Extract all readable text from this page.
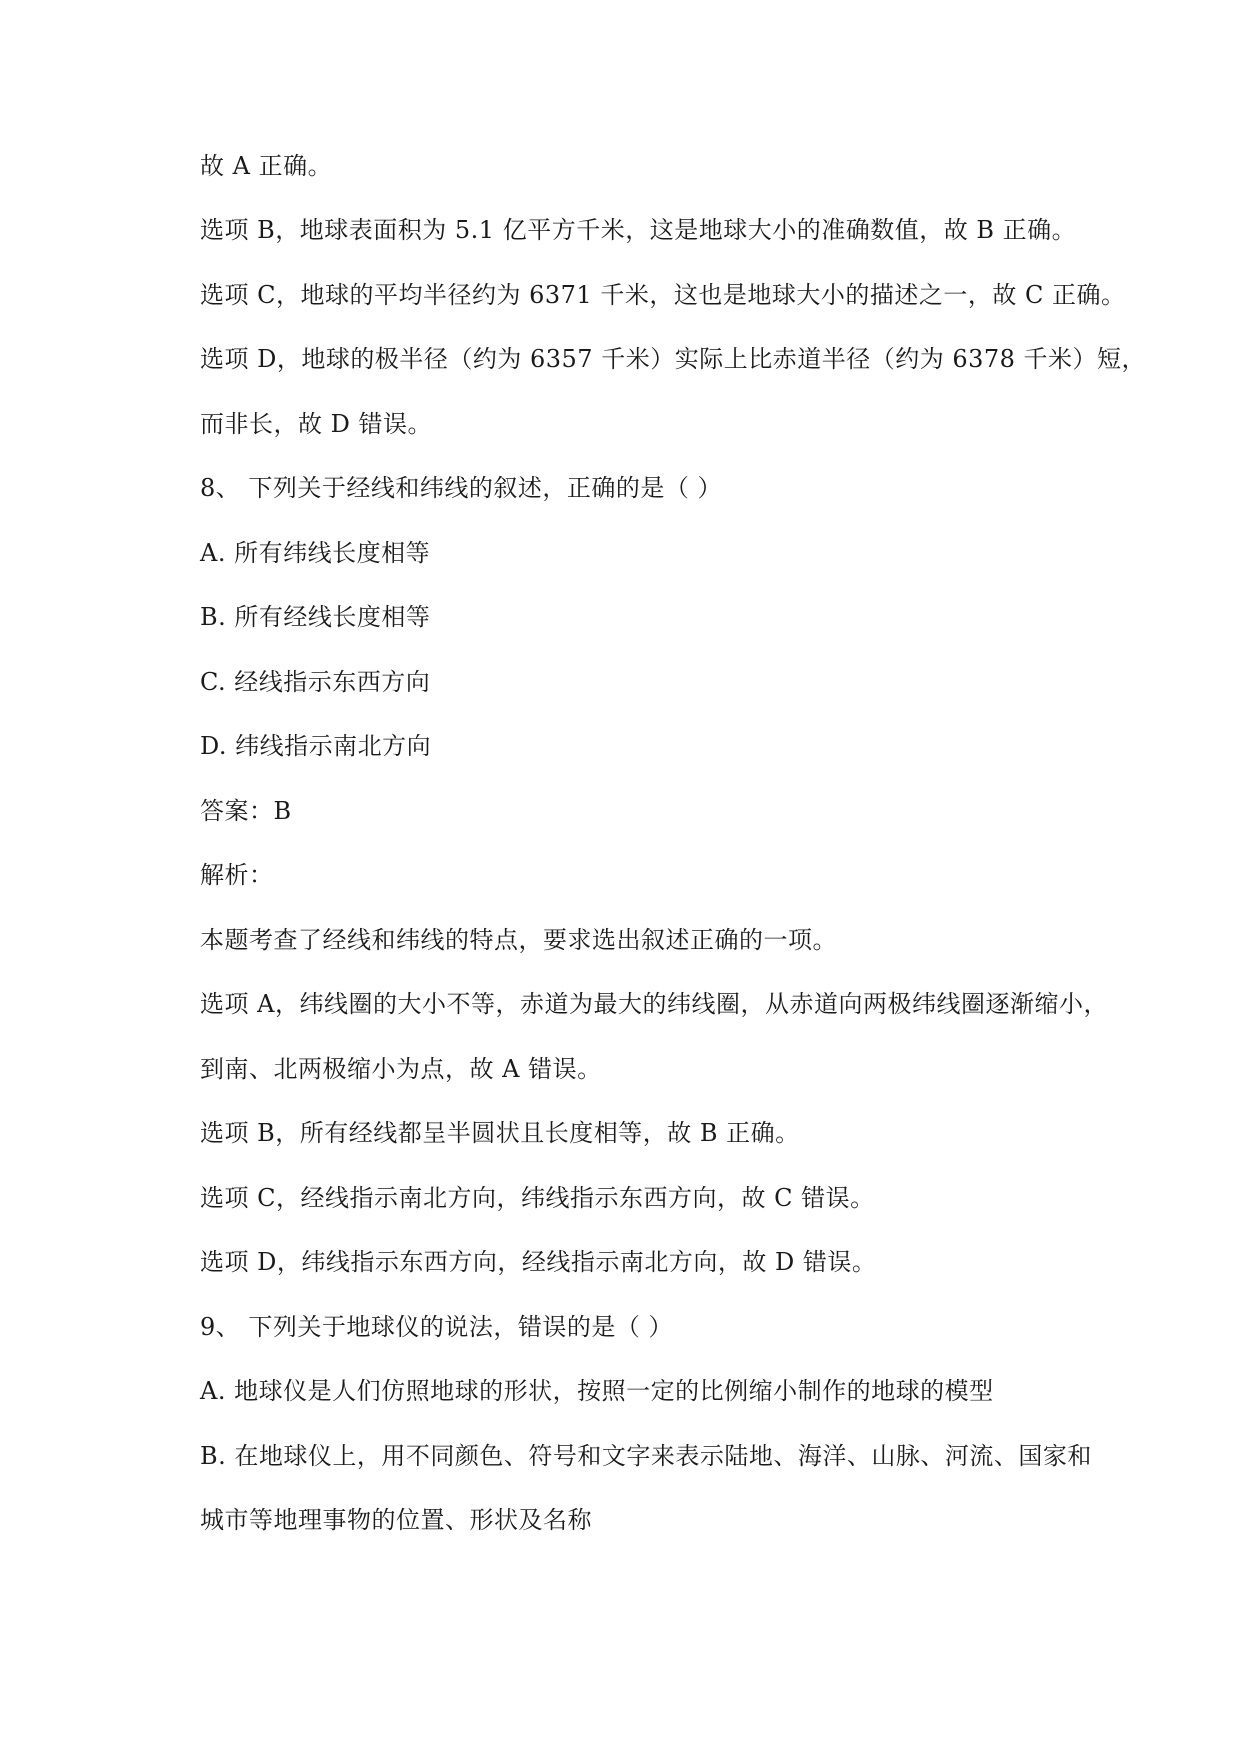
故 A 正确。
选项 B，地球表面积为 5.1 亿平方千米，这是地球大小的准确数值，故 B 正确。
选项 C，地球的平均半径约为 6371 千米，这也是地球大小的描述之一，故 C 正确。
选项 D，地球的极半径（约为 6357 千米）实际上比赤道半径（约为 6378 千米）短，
而非长，故 D 错误。
8、 下列关于经线和纬线的叙述，正确的是（ ）
A. 所有纬线长度相等
B. 所有经线长度相等
C. 经线指示东西方向
D. 纬线指示南北方向
答案：B
解析：
本题考查了经线和纬线的特点，要求选出叙述正确的一项。
选项 A，纬线圈的大小不等，赤道为最大的纬线圈，从赤道向两极纬线圈逐渐缩小，
到南、北两极缩小为点，故 A 错误。
选项 B，所有经线都呈半圆状且长度相等，故 B 正确。
选项 C，经线指示南北方向，纬线指示东西方向，故 C 错误。
选项 D，纬线指示东西方向，经线指示南北方向，故 D 错误。
9、 下列关于地球仪的说法，错误的是（ ）
A. 地球仪是人们仿照地球的形状，按照一定的比例缩小制作的地球的模型
B. 在地球仪上，用不同颜色、符号和文字来表示陆地、海洋、山脉、河流、国家和
城市等地理事物的位置、形状及名称
